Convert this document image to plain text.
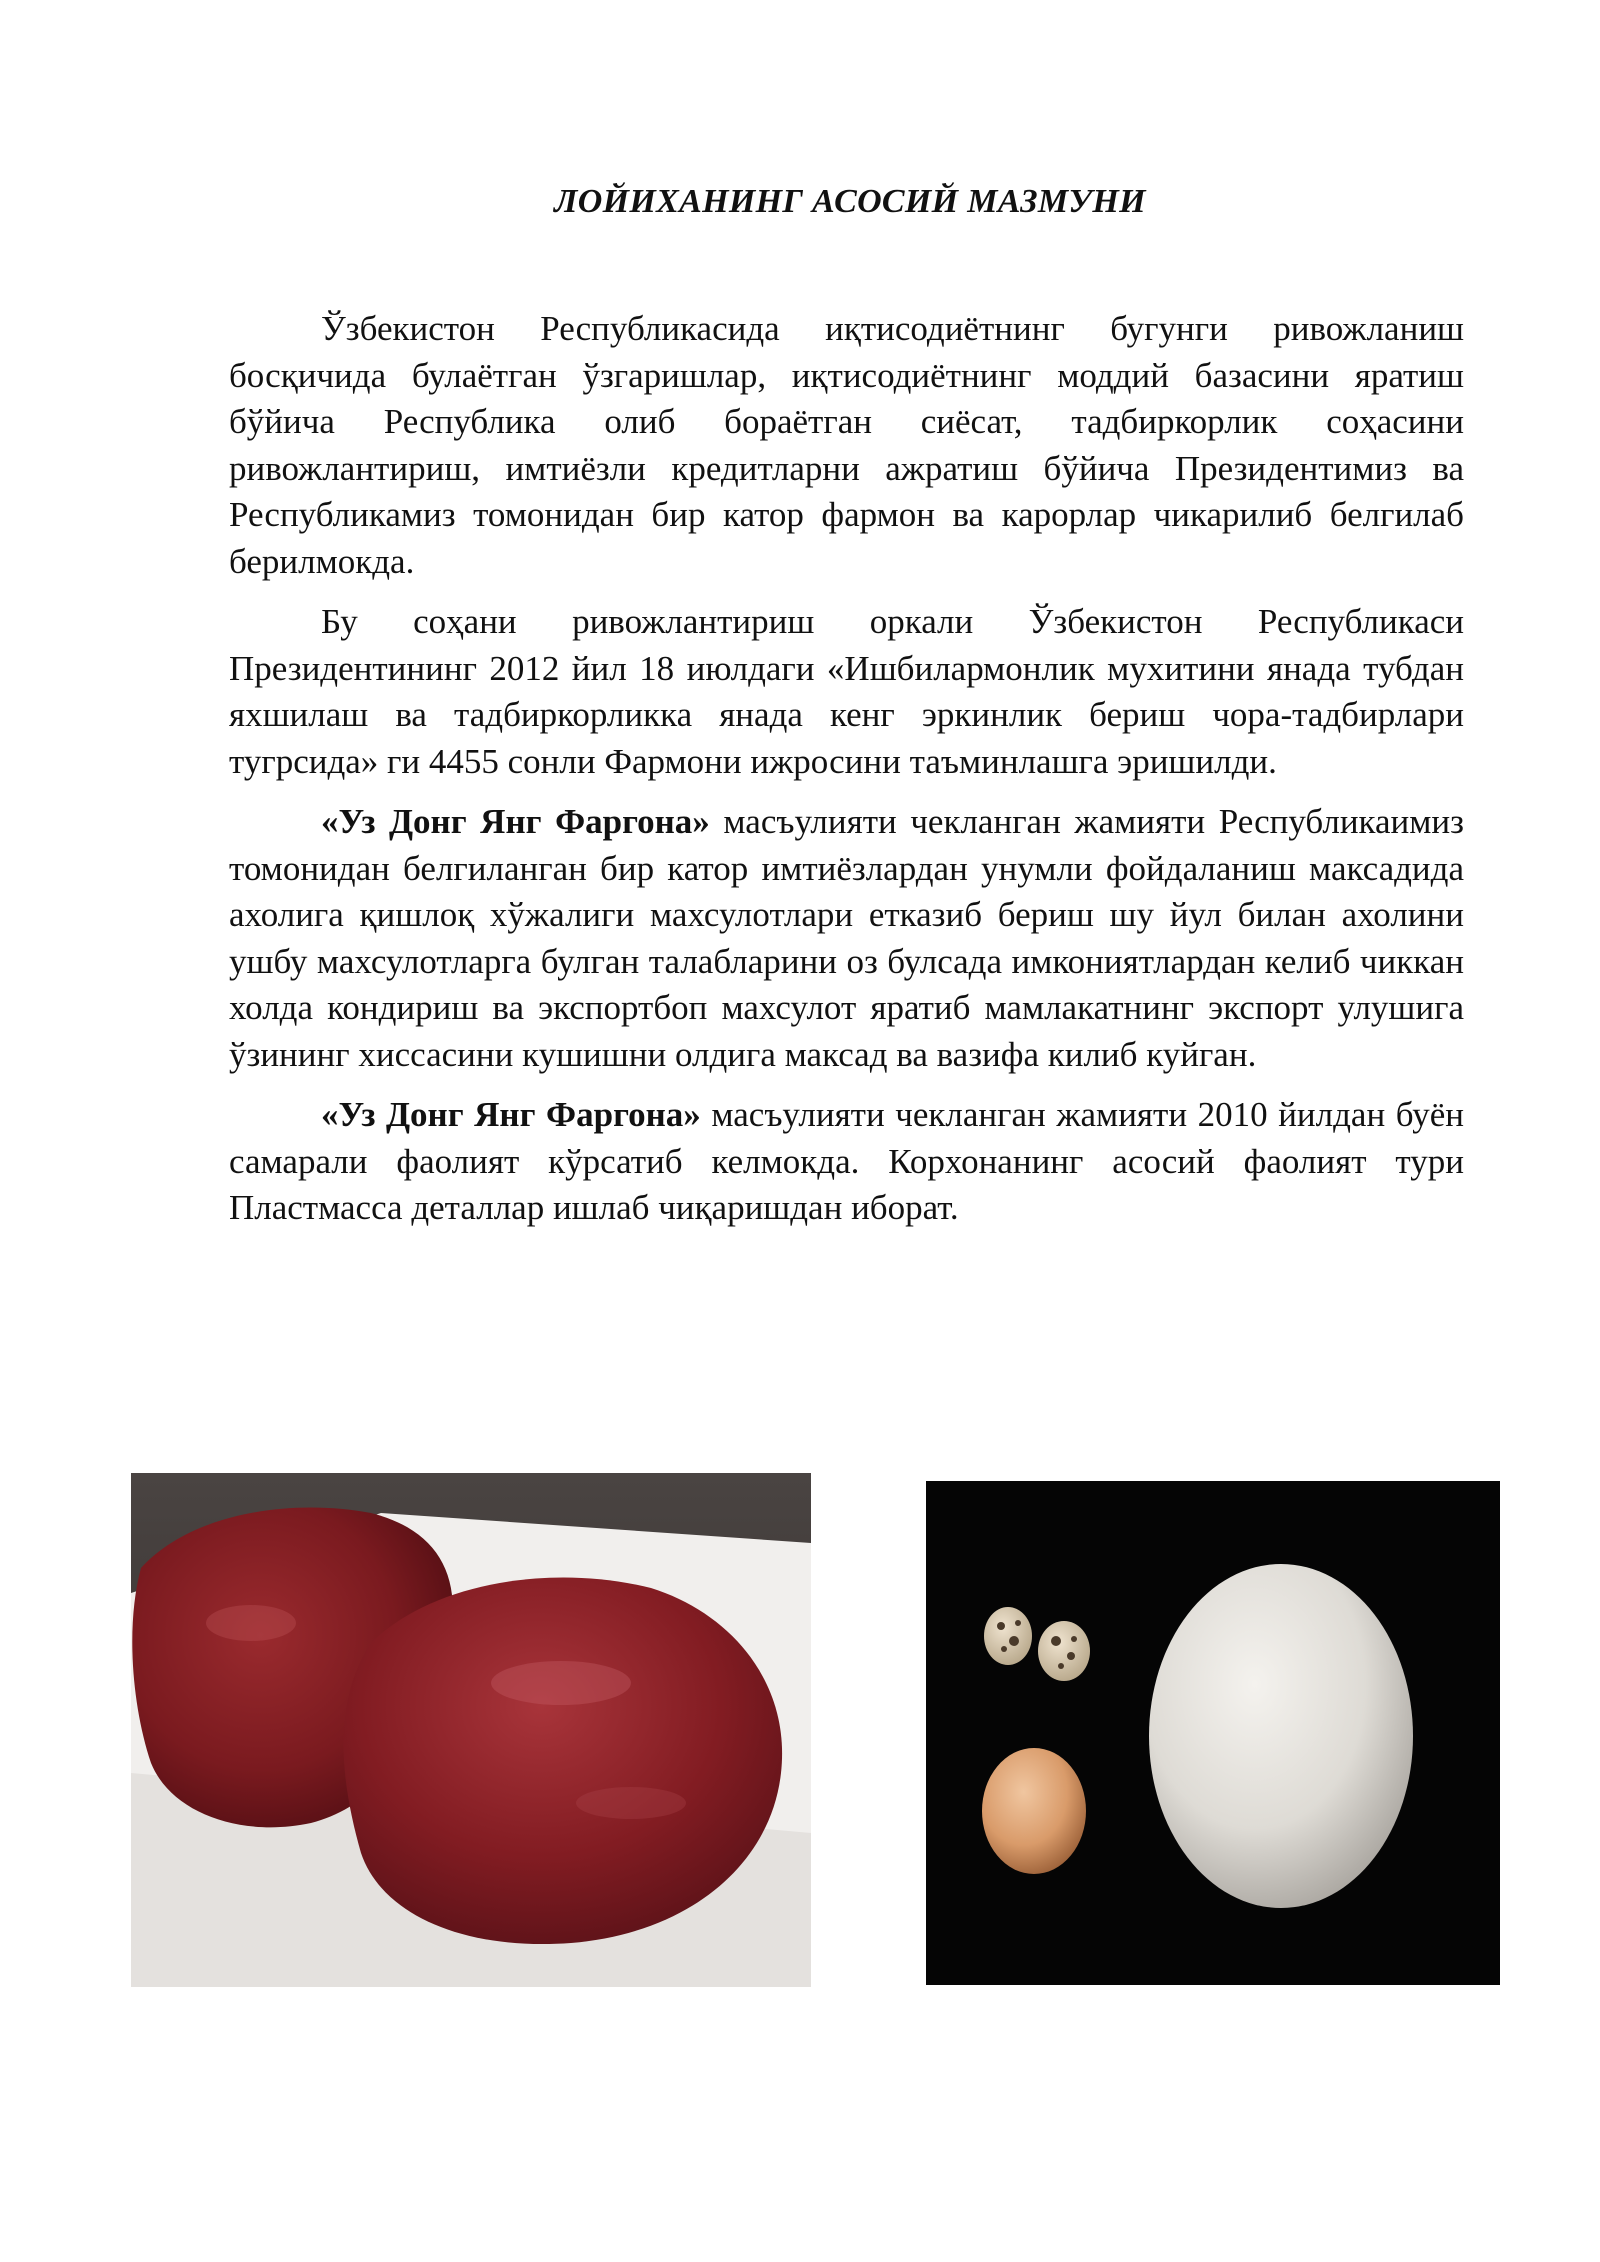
ЛОЙИХАНИНГ АСОСИЙ МАЗМУНИ

Ўзбекистон Республикасида иқтисодиётнинг бугунги ривожланиш босқичида булаётган ўзгаришлар, иқтисодиётнинг моддий базасини яратиш бўйича Республика олиб бораётган сиёсат, тадбиркорлик соҳасини ривожлантириш, имтиёзли кредитларни ажратиш бўйича Президентимиз ва Республикамиз томонидан бир катор фармон ва карорлар чикарилиб белгилаб берилмокда.

Бу соҳани ривожлантириш оркали Ўзбекистон Республикаси Президентининг 2012 йил 18 июлдаги «Ишбилармонлик мухитини янада тубдан яхшилаш ва тадбиркорликка янада кенг эркинлик бериш чора-тадбирлари тугрсида» ги 4455 сонли Фармони ижросини таъминлашга эришилди.

«Уз Донг Янг Фаргона» масъулияти чекланган жамияти Республикаимиз томонидан белгиланган бир катор имтиёзлардан унумли фойдаланиш максадида ахолига қишлоқ хўжалиги махсулотлари етказиб бериш шу йул билан ахолини ушбу махсулотларга булган талабларини оз булсада имкониятлардан келиб чиккан холда кондириш ва экспортбоп махсулот яратиб мамлакатнинг экспорт улушига ўзининг хиссасини кушишни олдига максад ва вазифа килиб куйган.

«Уз Донг Янг Фаргона» масъулияти чекланган жамияти 2010 йилдан буён самарали фаолият кўрсатиб келмокда. Корхонанинг асосий фаолият тури Пластмасса деталлар ишлаб чиқаришдан иборат.
